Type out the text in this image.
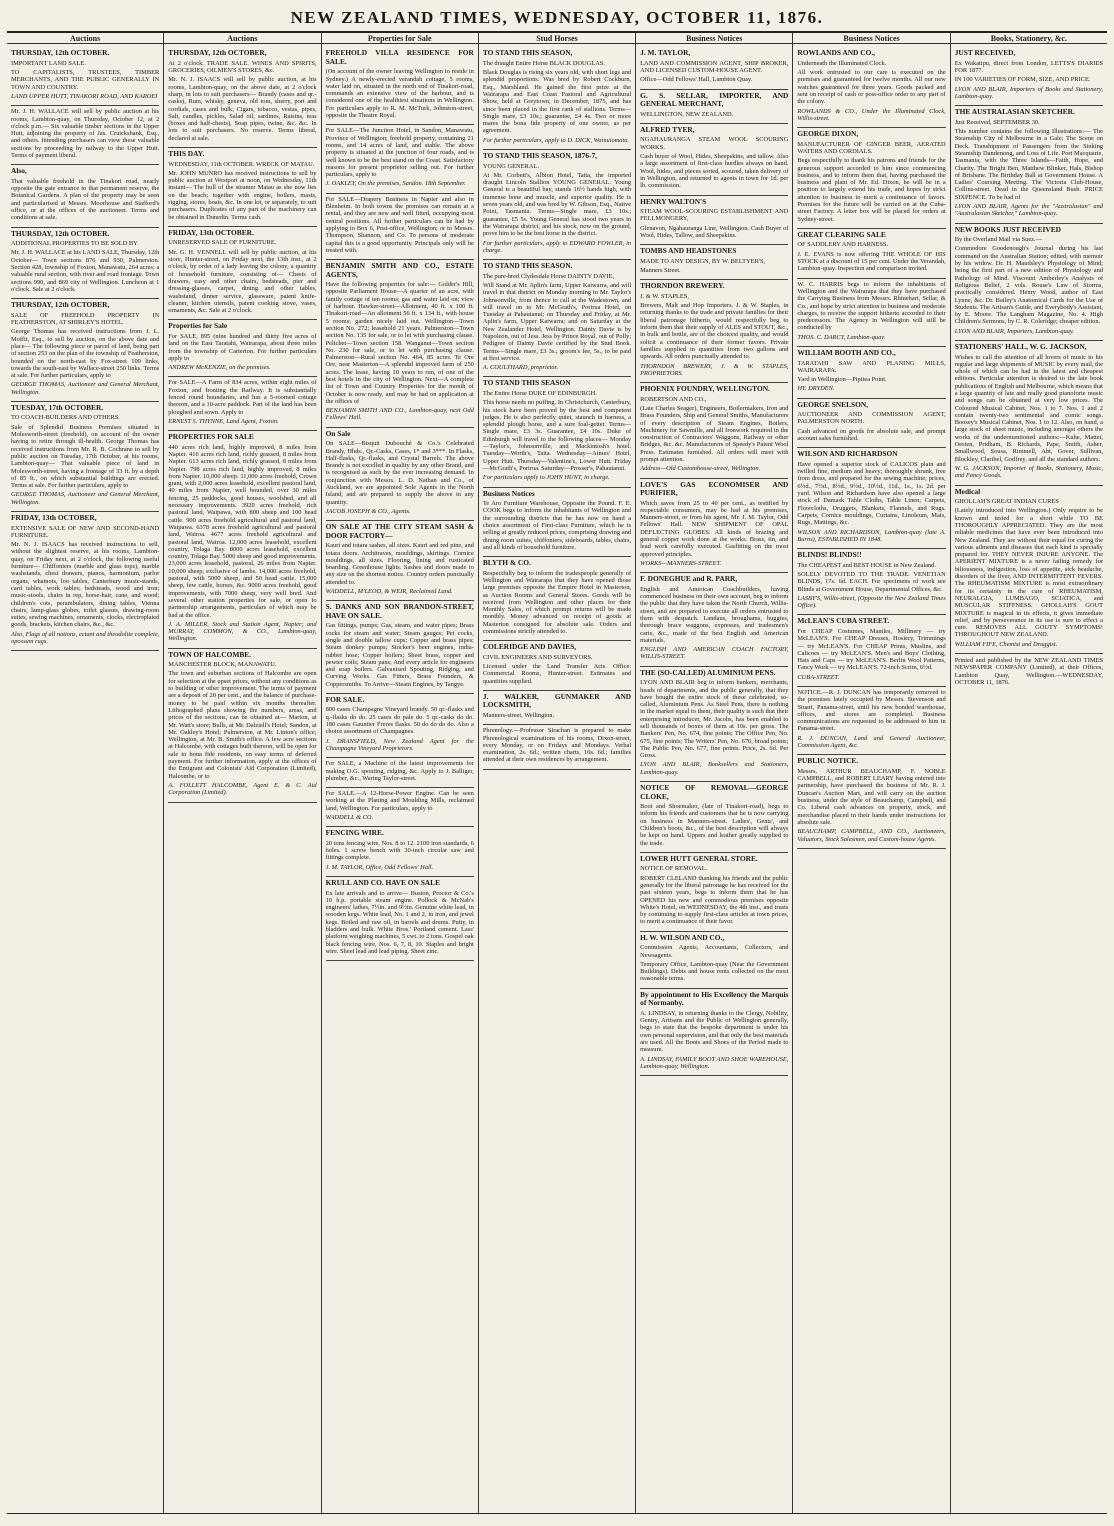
NEW ZEALAND TIMES, WEDNESDAY, OCTOBER 11, 1876.
Auctions

THURSDAY, 12th OCTOBER.

IMPORTANT LAND SALE.

TO CAPITALISTS, TRUSTEES, TIMBER MERCHANTS, AND THE PUBLIC GENERALLY IN TOWN AND COUNTRY.

LAND UPPER HUTT, TINAKORI ROAD, AND KAROEI

Mr. J. H. WALLACE will sell by public auction at his rooms, Lambton-quay, on Thursday, October 12, at 2 o'clock p.m.— Six valuable timber sections in the Upper Hutt, adjoining the property of Jas. Cruickshank, Esq., and others. Intending purchasers can view these valuable sections by proceeding by railway to the Upper Hutt. Terms of payment liberal.

Also,

That valuable freehold in the Tinakori road, nearly opposite the gate entrance to that permanent reserve, the Botanical Gardens. A plan of the property may be seen and particularised at Messrs. Moorhouse and Stafford's office, or at the offices of the auctioneer. Terms and conditions at sale.

THURSDAY, 12th OCTOBER.

ADDITIONAL PROPERTIES TO BE SOLD BY

Mr. J. H. WALLACE at his LAND SALE, Thursday, 12th October— Town sections 876 and 930, Palmerston. Section 428, township of Foxton, Manawatu, 264 acres; a valuable rural section, with river and road frontage. Town sections 990, and 869 city of Wellington. Luncheon at 1 o'clock. Sale at 2 o'clock.

THURSDAY, 12th OCTOBER,

SALE OF FREEHOLD PROPERTY IN FEATHERSTON, AT SHIRLEY'S HOTEL.

George Thomas has received instructions from J. L. Moffit, Esq., to sell by auction, on the above date and place— The following piece or parcel of land, being part of section 253 on the plan of the township of Featherston, bounded on the north-east by Fox-street 100 links, towards the south-east by Wallace-street 250 links. Terms at sale. For further particulars, apply to

GEORGE THOMAS, Auctioneer and General Merchant, Wellington.

TUESDAY, 17th OCTOBER.

TO COACH-BUILDERS AND OTHERS.

Sale of Splendid Business Premises situated in Molesworth-street (freehold), on account of the owner having to retire through ill-health. George Thomas has received instructions from Mr. R. B. Cochrane to sell by public auction on Tuesday, 17th October, at his rooms, Lambton-quay— That valuable piece of land in Molesworth-street, having a frontage of 33 ft. by a depth of 85 ft., on which substantial buildings are erected. Terms at sale. For further particulars, apply to

GEORGE THOMAS, Auctioneer and General Merchant, Wellington.

FRIDAY, 13th OCTOBER,

EXTENSIVE SALE OF NEW AND SECOND-HAND FURNITURE.

Mr. N. J. ISAACS has received instructions to sell, without the slightest reserve, at his rooms, Lambton-quay, on Friday next, at 2 o'clock, the following useful furniture— Chiffoniers (marble and glass tops), marble washstands, chest drawers, pianos, harmonium, parlor organs, whatnots, loo tables, Canterbury music-stands, card tables, work tables; bedsteads, wood and iron; music-stools, chairs in rep, horse-hair, cane, and wood; children's cots, perambulators, dining tables, Vienna chairs, lamp-glass globes, toilet glasses, drawing-room suites, sewing machines, ornaments, clocks, electroplated goods, brackets, kitchen chairs, &c., &c.

Also, Flags of all nations, ectant and theodolite complete, opossum rugs.

Auctions

THURSDAY, 12th OCTOBER,

At 2 o'clock. TRADE SALE. WINES AND SPIRITS, GROCERIES, OILMEN'S STORES, &c.

Mr. N. J. ISAACS will sell by public auction, at his rooms, Lambton-quay, on the above date, at 2 o'clock sharp, in lots to suit purchasers— Brandy (cases and qr.-casks), Rum, whisky, geneva, old tom, sherry, port and cordials, cases and bulk; Cigars, tobacco, vestas, pipes, Salt, candles, pickles, Salad oil, sardines, Raisins, teas (boxes and half-chests), Soap pipes, twine, &c. &c. In lots to suit purchasers. No reserve. Terms liberal, declared at sale.

THIS DAY.

WEDNESDAY, 11th OCTOBER. WRECK OF MATAU.

Mr. JOHN MUNRO has received instructions to sell by public auction at Westport at noon, on Wednesday, 11th instant— The hull of the steamer Matau as she now lies on the beach; together with engine, boilers, masts, rigging, stores, boats, &c. In one lot, or separately, to suit purchasers. Duplicates of any part of the machinery can be obtained in Dunedin. Terms cash.

FRIDAY, 13th OCTOBER.

UNRESERVED SALE OF FURNITURE.

Mr. G. H. VENNELL will sell by public auction, at his store, Hunter-street, on Friday next, the 13th inst., at 2 o'clock, by order of a lady leaving the colony, a quantity of household furniture, consisting of— Chests of drawers, easy and other chairs, bedsteads, pier and dressing-glasses, carpet, dining and other tables, washstand, dinner service, glassware, patent knife-cleaner, kitchen utensils, patent cooking stove, vases, ornaments, &c. Sale at 2 o'clock.

Properties for Sale

For SALE, 895 (nine hundred and thirty five acres of land on the East Taratahi, Wairarapa, about three miles from the township of Carterton. For further particulars apply to

ANDREW McKENZIE, on the premises.

For SALE—A Farm of 834 acres, within eight miles of Foxton, and fronting the Railway. It is substantially fenced round boundaries, and has a 5-roomed cottage thereon, and a 10-acre paddock. Part of the land has been ploughed and sown. Apply to

ERNEST S. THYNNE, Land Agent, Foxton.

PROPERTIES FOR SALE

440 acres rich land, highly improved, 8 miles from Napier. 416 acres rich land, richly grassed, 8 miles from Napier. 613 acres rich land, richly grassed, 8 miles from Napier. 798 acres rich land, highly improved, 8 miles from Napier. 10,000 sheep. 11,000 acres freehold, Crown grant, with 2,000 acres leasehold, excellent pastoral land, 40 miles from Napier, well bounded, over 30 miles fencing, 25 paddocks, good houses, woolshed, and all necessary improvements. 3920 acres freehold, rich pastoral land, Waipawa, with 800 sheep and 100 head cattle. 900 acres freehold agricultural and pastoral land, Waipawa. 6378 acres freehold agricultural and pastoral land, Wairoa. 4677 acres freehold agricultural and pastoral land, Wairoa. 12,000 acres leasehold, excellent country, Tolaga Bay. 8000 acres leasehold, excellent country, Tolaga Bay. 5000 sheep and good improvements. 23,000 acres leasehold, pastoral, 26 miles from Napier. 10,000 sheep, exclusive of lambs. 14,000 acres freehold, pastoral, with 5000 sheep, and 50 head cattle. 15,000 sheep, few cattle, horses, &c. 9000 acres freehold, good improvements, with 7000 sheep, very well bred. And several other station properties for sale, or open to partnership arrangements, particulars of which may be had at the office.

J. A. MILLER, Stock and Station Agent, Napier; and MURRAY, COMMON, & CO., Lambton-quay, Wellington.

TOWN OF HALCOMBE.

MANCHESTER BLOCK, MANAWATU.

The town and suburban sections of Halcombe are open for selection at the upset prices, without any conditions as to building or other improvement. The terms of payment are a deposit of 20 per cent., and the balance of purchase-money to be paid within six months thereafter. Lithographed plans showing the numbers, areas, and prices of the sections, can be obtained at— Marton, at Mr. Watt's store; Bulls, at Mr. Dalziell's Hotel; Sandon, at Mr. Oakley's Hotel; Palmerston, at Mr. Linton's office; Wellington, at Mr. B. Smith's office. A few acre sections at Halcombe, with cottages built thereon, will be open for sale to bona fide residents, on easy terms of deferred payment. For further information, apply at the offices of the Emigrant and Colonists' Aid Corporation (Limited), Halcombe, or to

A. FOLLETT HALCOMBE, Agent E. & C. Aid Corporation (Limited).

Properties for Sale

FREEHOLD VILLA RESIDENCE FOR SALE.

(On account of the owner leaving Wellington to reside in Sydney.) A newly-erected verandah cottage, 5 rooms, water laid on, situated in the north end of Tinakori-road, commands an extensive view of the harbour, and is considered one of the healthiest situations in Wellington. For particulars apply to R. M. McTurk, Johnston-street, opposite the Theatre Royal.

For SALE—The Junction Hotel, in Sandon, Manawatu, Province of Wellington; freehold property, containing 21 rooms, and 14 acres of land, and stable. The above property is situated at the junction of four roads, and is well known to be the best stand on the Coast. Satisfactory reasons for present proprietor selling out. For further particulars, apply to

J. OAKLEY, On the premises, Sandon. 18th September.

For SALE—Drapery Business in Napier and also in Blenheim. In both towns the premises can remain at a rental, and they are new and well fitted, occupying most central positions. All further particulars can be had by applying to Box 6, Post-office, Wellington; or to Messrs. Thompson, Shannon, and Co. To persons of moderate capital this is a good opportunity. Principals only will be treated with.

BENJAMIN SMITH AND CO., ESTATE AGENTS,

Have the following properties for sale:— Golder's Hill, opposite Parliament House—A quarter of an acre, with family cottage of ten rooms; gas and water laid on; view of harbour. Hawker-street—Allotment, 40 ft. x 100 ft. Tinakori-road—An allotment 56 ft. x 134 ft., with house 5 rooms; garden nicely laid out. Wellington—Town section No. 272; leasehold 21 years. Palmerston—Town section No. 135 for sale, or to let with purchasing clause. Pelichet—Town section 158. Wanganui—Town section No. 230 for sale, or to let with purchasing clause. Palmerston—Rural section No. 464, 85 acres. Te Ore Ore, near Masterton—A splendid improved farm of 250 acres. The lease, having 10 years to run, of one of the best hotels in the city of Wellington. Next—A complete list of Town and Country Properties for the month of October is now ready, and may be had on application at the offices of

BENJAMIN SMITH AND CO., Lambton-quay, next Odd Fellows' Hall.

On Sale

On SALE—Bisquit Dubouché & Co.'s Celebrated Brandy, Hhds., Qr.-Casks, Cases, 1* and 3***. In Flasks, Half-flasks, Qr.-flasks, and Crystal Barrels. The above Brandy is not excelled in quality by any other Brand, and is recognised as such by the ever increasing demand. In conjunction with Messrs. L. D. Nathan and Co., of Auckland, we are appointed Sole Agents in the North Island, and are prepared to supply the above in any quantity.

JACOB JOSEPH & CO., Agents.

ON SALE AT THE CITY STEAM SASH & DOOR FACTORY—

Kauri and totara sashes, all sizes. Kauri and red pine, and totara doors. Architraves, mouldings, skirtings. Cornice mouldings, all sizes. Flooring, lining and rusticated boarding. Greenhouse lights. Sashes and doors made to any size on the shortest notice. Country orders punctually attended to.

WADDELL, M'LEOD, & WEIR, Reclaimed Land.

S. DANKS AND SON BRANDON-STREET, HAVE ON SALE.

Gas fittings, pumps; Gas, steam, and water pipes; Brass cocks for steam and water; Steam gauges; Pet cocks, single and double tallow cups; Copper and brass pipes; Steam donkey pumps; Stocker's beer engines, india-rubber hose; Copper boilers; Sheet brass, copper and pewter coils; Steam pans; And every article for engineers and soap boilers. Galvanised Spouting, Ridging, and Curving Works. Gas Fitters, Brass Founders, & Coppersmiths. To Arrive—Steam Engines, by Tangye.

FOR SALE.

800 cases Champagne Vineyard brandy. 50 qr.-flasks and q.-flasks do do. 25 cases do pale do. 5 qr.-casks do do. 180 cases Gauntier Freres flasks. 50 do do do do. Also a choice assortment of Champagnes.

J. DRANSFIELD, New Zealand Agent for the Champagne Vineyard Proprietors.

For SALE, a Machine of the latest improvements for making O.G. spouting, ridging, &c. Apply to J. Balliger, plumber, &c., Waring Taylor-street.

For SALE.—A 12-Horse-Power Engine. Can be seen working at the Planing and Moulding Mills, reclaimed land, Wellington. For particulars, apply to

WADDELL & CO.

FENCING WIRE.

20 tons fencing wire, Nos. 8 to 12. 2100 iron standards, 6 holes. 1 screw bench with 30-inch circular saw and fittings complete.

J. M. TAYLOR, Office, Odd Fellows' Hall.

KRULL AND CO. HAVE ON SALE

Ex late arrivals and to arrive— Buston, Proctor & Co.'s 10 h.p. portable steam engine. Pollock & McNab's engineers' lathes, 7½in. and 9½in. Genuine white lead, in wooden kegs. White lead, No. 1 and 2, in iron, and jewel kegs. Boiled and raw oil, in barrels and drums. Putty, in bladders and bulk. White Bros.' Portland cement. Lass' platform weighing machines, 5 cwt. to 2 tons. Gospel oak black fencing wire, Nos. 6, 7, 8, 10. Staples and bright wire. Sheet lead and lead piping. Sheet zinc.

Stud Horses

TO STAND THIS SEASON,

The draught Entire Horse BLACK DOUGLAS.

Black Douglas is rising six years old, with short legs and splendid proportions. Was bred by Robert Cockburn, Esq., Marshland. He gained the first prize at the Wairarapa and East Coast Pastoral and Agricultural Show, held at Greytown, in December, 1875, and has since been placed in the first rank of stallions. Terms—Single mare, £3 10s.; guarantee, £4 4s. Two or more mares the bona fide property of one owner, as per agreement.

For further particulars, apply to D. DICK, Wainuiomata.

TO STAND THIS SEASON, 1876-7,

YOUNG GENERAL.

At Mr. Corbett's, Albion Hotel, Taita, the imported draught Lincoln Stallion YOUNG GENERAL. Young General is a beautiful bay, stands 16½ hands high, with immense bone and muscle, and superior quality. He is seven years old, and was bred by W. Gibson, Esq., Native Point, Tasmania. Terms—Single mare, £3 10s.; guarantee, £5 5s. Young General has stood two years in the Wairarapa district, and his stock, now on the ground, prove him to be the best horse in the district.

For further particulars, apply to EDWARD FOWLER, in charge.

TO STAND THIS SEASON.

The pure-bred Clydesdale Horse DAINTY DAVIE,

Will Stand at Mr. Aplin's farm, Upper Kaiwarra, and will travel in that district on Monday morning to Mr. Taylor's Johnsonville, from thence to call at the Wadestown, and will travel on to Mr. McGrath's, Porirua Hotel, on Tuesday at Pahautanui; on Thursday and Friday, at Mr. Aplin's farm, Upper Kaiwarra; and on Saturday at the New Zealander Hotel, Wellington. Dainty Davie is by Napoleon, out of Jess. Jess by Prince Royal, out of Polly; Pedigree of Dainty Davie certified by the Stud Book. Terms—Single mare, £3 3s.; groom's fee, 5s., to be paid at first service.

A. COULTHARD, proprietor.

TO STAND THIS SEASON

The Entire Horse DUKE OF EDINBURGH.

This horse needs no puffing. In Christchurch, Canterbury, his stock have been proved by the best and competent judges. He is also perfectly quiet, staunch in harness, a splendid plough horse, and a sure foal-getter. Terms—Single mare, £3 3s. Guarantee, £4 10s. Duke of Edinburgh will travel to the following places— Monday—Taylor's, Johnsonville, and Mackintosh's hotel. Tuesday—Worth's, Taita. Wednesday—Aimes' Hotel, Upper Hutt. Thursday—Valentine's, Lower Hutt. Friday—McGrath's, Porirua. Saturday—Prosser's, Pahautanui.

For particulars apply to JOHN HUNT, in charge.

Business Notices

Te Aro Furniture Warehouse, Opposite the Pound. F. E. COOK begs to inform the inhabitants of Wellington and the surrounding districts that he has now on hand a choice assortment of First-class Furniture, which he is selling at greatly reduced prices, comprising drawing and dining room suites, chiffoniers, sideboards, tables, chairs, and all kinds of household furniture.

BLYTH & CO.

Respectfully beg to inform the tradespeople generally of Wellington and Wairarapa that they have opened those large premises opposite the Empire Hotel in Masterton, as Auction Rooms and General Stores. Goods will be received from Wellington and other places for their Monthly Sales, of which prompt returns will be made monthly. Money advanced on receipt of goods at Masterton consigned for absolute sale. Orders and commissions strictly attended to.

COLERIDGE AND DAVIES,

CIVIL ENGINEERS AND SURVEYORS.

Licensed under the Land Transfer Acts. Office: Commercial Rooms, Hunter-street. Estimates and quantities supplied.

J. WALKER, GUNMAKER AND LOCKSMITH,

Manners-street, Wellington.

Phrenology.—Professor Strachan is prepared to make Phrenological examinations of his rooms, Dixon-street, every Monday, or on Fridays and Mondays. Verbal examination, 2s. 6d.; written charts, 10s. 6d.; families attended at their own residences by arrangement.

Business Notices

J. M. TAYLOR,

LAND AND COMMISSION AGENT, SHIP BROKER, AND LICENSED CUSTOM-HOUSE AGENT.

Office—Odd Fellows' Hall, Lambton Quay.

G. S. SELLAR, IMPORTER, AND GENERAL MERCHANT,

WELLINGTON, NEW ZEALAND.

ALFRED TYER,

NGAHAURANGA STEAM WOOL SCOURING WORKS.

Cash buyer of Wool, Hides, Sheepskins, and tallow. Also a large assortment of first-class hurdles always on hand. Wool, hides, and pieces sorted, scoured, taken delivery of in Wellington, and returned to agents in town for 1d. per lb. commission.

HENRY WALTON'S

STEAM WOOL-SCOURING ESTABLISHMENT AND FELLMONGERY,

Glenavon, Ngahauranga Line, Wellington. Cash Buyer of Wool, Hides, Tallow, and Sheepskins.

TOMBS AND HEADSTONES

MADE TO ANY DESIGN, BY W. BELTYER'S,

Manners Street.

THORNDON BREWERY.

J. & W. STAPLES,

Brewers, Malt and Hop Importers. J. & W. Staples, in returning thanks to the trade and private families for their liberal patronage hitherto, would respectfully beg to inform them that their supply of ALES and STOUT, &c., in bulk and bottle, are of the choicest quality, and would solicit a continuance of their former favors. Private families supplied in quantities from two gallons and upwards. All orders punctually attended to.

THORNDON BREWERY, J. & W. STAPLES, PROPRIETORS.

PHOENIX FOUNDRY, WELLINGTON.

ROBERTSON AND CO.,

(Late Charles Seager), Engineers, Boilermakers, Iron and Brass Founders, Ship and General Smiths, Manufacturers of every description of Steam Engines, Boilers, Machinery for Sawmills, and all Ironwork required in the construction of Contractors' Waggons, Railway or other Bridges, &c. &c. Manufacturers of Speedy's Patent Wool Press. Estimates furnished. All orders will meet with prompt attention.

Address—Old Customhouse-street, Wellington.

LOVE'S GAS ECONOMISER AND PURIFIER,

Which saves from 25 to 40 per cent., as testified by respectable consumers, may be had at his premises, Manners-street, or from his agent, Mr. J. M. Taylor, Odd Fellows' Hall. NEW SHIPMENT OF OPAL DEFLECTING GLOBES. All kinds of brazing and general copper work done at the works. Brass, tin, and lead work carefully executed. Gasfitting on the most approved principles.

WORKS—MANNERS-STREET.

F. DONEGHUE and R. PARR,

English and American Coachbuilders, having commenced business on their own account, beg to inform the public that they have taken the North Church, Willis-street, and are prepared to execute all orders entrusted to them with despatch. Landaus, broughams, buggies, thorough brace waggons, expresses, and tradesmen's carts, &c., made of the best English and American materials.

ENGLISH AND AMERICAN COACH FACTORY, WILLIS-STREET.

THE (SO-CALLED) ALUMINIUM PENS.

LYON AND BLAIR beg to inform bankers, merchants, heads of departments, and the public generally, that they have bought the entire stock of these celebrated, so-called, Aluminium Pens. As Steel Pens, there is nothing in the market equal to them, their quality is such that their enterprising introducer, Mr. Jacobs, has been enabled to sell thousands of boxes of them at 10s. per gross. The Bankers' Pen, No. 674, fine points; The Office Pen, No. 675, fine points; The Writers' Pen, No. 676, broad points; The Public Pen, No. 677, fine points. Price, 2s. 6d. Per Gross.

LYON AND BLAIR, Booksellers and Stationers, Lambton-quay.

NOTICE OF REMOVAL—GEORGE CLOKE,

Boot and Shoemaker, (late of Tinakori-road), begs to inform his friends and customers that he is now carrying on business in Manners-street. Ladies', Gents', and Children's boots, &c., of the best description will always be kept on hand. Uppers and leather greatly supplied to the trade.

LOWER HUTT GENERAL STORE.

NOTICE OF REMOVAL.

ROBERT CLELAND thanking his friends and the public generally for the liberal patronage he has received for the past sixteen years, begs to inform them that he has OPENED his new and commodious premises opposite White's Hotel, on WEDNESDAY, the 4th inst., and trusts by continuing to supply first-class articles at town prices, to merit a continuance of their favor.

H. W. WILSON AND CO.,

Commission Agents, Accountants, Collectors, and Newsagents.

Temporary Office, Lambton-quay (Near the Government Buildings). Debts and house rents collected on the most reasonable terms.

By appointment to His Excellency the Marquis of Normanby.

A. LINDSAY, in returning thanks to the Clergy, Nobility, Gentry, Artisans and the Public of Wellington generally, begs to state that the bespoke department is under his own personal supervision, and that only the best materials are used. All the Boots and Shoes of the Period made to measure.

A. LINDSAY, FAMILY BOOT AND SHOE WAREHOUSE, Lambton-quay, Wellington.

Business Notices

ROWLANDS AND CO.,

Underneath the Illuminated Clock.

All work entrusted to our care is executed on the premises and guaranteed for twelve months. All our new watches guaranteed for three years. Goods packed and sent on receipt of cash or post-office order to any part of the colony.

ROWLANDS & CO., Under the Illuminated Clock, Willis-street.

GEORGE DIXON,

MANUFACTURER OF GINGER BEER, AERATED WATERS AND CORDIALS.

Begs respectfully to thank his patrons and friends for the generous support accorded to him since commencing business, and to inform them that, having purchased the business and plant of Mr. Ed. Dixon, he will be in a position to largely extend his trade, and hopes by strict attention to business to merit a continuance of favors. Premises for the future will be carried on at the Cuba-street Factory. A letter box will be placed for orders at Sydney-street.

GREAT CLEARING SALE

OF SADDLERY AND HARNESS.

J. E. EVANS is now offering THE WHOLE OF HIS STOCK at a discount of 15 per cent. Under the Verandah, Lambton-quay. Inspection and comparison invited.

W. C. HARRIS begs to inform the inhabitants of Wellington and the Wairarapa that they have purchased the Carrying Business from Messrs. Rhinehart, Sellar, & Co., and hope by strict attention to business and moderate charges, to receive the support hitherto accorded to their predecessors. The Agency in Wellington will still be conducted by

THOS. C. DARCY, Lambton-quay.

WILLIAM BOOTH AND CO.,

TARATAHI SAW AND PLANING MILLS, WAIRARAPA.

Yard in Wellington—Pipitea Point.

HY. DRYDEN.

GEORGE SNELSON,

AUCTIONEER AND COMMISSION AGENT, PALMERSTON NORTH.

Cash advanced on goods for absolute sale, and prompt account sales furnished.

WILSON AND RICHARDSON

Have opened a superior stock of CALICOS plain and twilled fine, medium and heavy; thoroughly shrunk, free from dress, and prepared for the sewing machine; prices, 6½d., 7½d., 8½d., 9½d., 10½d., 11d., 1s., 1s. 2d. per yard. Wilson and Richardson have also opened a large stock of Damask Table Cloths, Table Linen; Carpets, Floorcloths, Druggets, Blankets, Flannels, and Rugs. Carpets, Cornice mouldings, Curtains, Linoleum, Mats, Rugs, Mattings, &c.

WILSON AND RICHARDSON, Lambton-quay (late A. Burns), ESTABLISHED IN 1848.

BLINDS! BLINDS!!

The CHEAPEST and BEST HOUSE in New Zealand.

SOLELY DEVOTED TO THE TRADE. VENETIAN BLINDS, 17s. 6d. EACH. For specimens of work see Blinds at Government House, Departmental Offices, &c.

LASBY'S, Willis-street, (Opposite the New Zealand Times Office).

McLEAN'S CUBA STREET.

For CHEAP Costumes, Mantles, Millinery — try McLEAN'S. For CHEAP Dresses, Hosiery, Trimmings — try McLEAN'S. For CHEAP Prints, Muslins, and Calicoes — try McLEAN'S. Men's and Boys' Clothing, Hats and Caps — try McLEAN'S. Berlin Wool Patterns, Fancy Work — try McLEAN'S. 72-inch Scrim, 6½d.

CUBA-STREET.

NOTICE.—R. J. DUNCAN has temporarily removed to the premises lately occupied by Messrs. Stevenson and Stuart, Panama-street, until his new bonded warehouse, offices, and stores are completed. Business communications are requested to be addressed to him in Panama-street.

R. J. DUNCAN, Land and General Auctioneer, Commission Agent, &c.

PUBLIC NOTICE.

Messrs. ARTHUR BEAUCHAMP, F. NOBLE CAMPBELL, and ROBERT LEARY having entered into partnership, have purchased the business of Mr. R. J. Duncan's Auction Mart, and will carry on the auction business, under the style of Beauchamp, Campbell, and Co. Liberal cash advances on property, stock, and merchandise placed in their hands under instructions for absolute sale.

BEAUCHAMP, CAMPBELL, AND CO., Auctioneers, Valuators, Stock Salesmen, and Custom-house Agents.

Books, Stationery, &c.

JUST RECEIVED,

Ex Wakatipu, direct from London, LETTS'S DIARIES FOR 1877.

IN 100 VARIETIES OF FORM, SIZE, AND PRICE.

LYON AND BLAIR, Importers of Books and Stationery, Lambton-quay.

THE AUSTRALASIAN SKETCHER.

Just Received, SEPTEMBER 30.

This number contains the following Illustrations:— The Steamship City of Melbourne in a Gale; The Scene on Deck. Transhipment of Passengers from the Sinking Steamship Dandenong, and Loss of Life. Port Macquarie, Tasmania, with the Three Islands—Faith, Hope, and Charity. The Bright Ben, Matthew Blinker, Hals, Bishop of Brisbane. The Birthday Ball at Government House. A Ladies' Coursing Meeting. The Victoria Club-House, Collins-street. Dead in the Queensland Bush. PRICE SIXPENCE. To be had of

LYON AND BLAIR, Agents for the "Australasian" and "Australasian Sketcher," Lambton-quay.

NEW BOOKS JUST RECEIVED

By the Overland Mail via Suez.—

Commodore Goodenough's Journal during his last command on the Australian Station; edited, with memoir by his widow. Dr. H. Maudsley's Physiology of Mind; being the first part of a new edition of Physiology and Pathology of Mind. Viscount Amberley's Analysis of Religious Belief, 2 vols. Rouse's Law of Storms, practically considered. Henry Wood, author of East Lynne, &c. Dr. Bailey's Anatomical Cards for the Use of Students. The Artisan's Guide, and Everybody's Assistant, by E. Moore. The Langham Magazine, No. 4. High Children's Sermons, by C. R. Coleridge; cheaper edition.

LYON AND BLAIR, Importers, Lambton-quay.

STATIONERS' HALL, W. G. JACKSON,

Wishes to call the attention of all lovers of music to his regular and large shipments of MUSIC by every mail, the whole of which can be had in the latest and cheapest editions. Particular attention is desired to the late book publications of English and Melbourne, which means that a large quantity of late and really good pianoforte music and songs can be obtained at very low prices. The Coloured Musical Cabinet, Nos. 1 to 7. Nos. 1 and 2 contain twenty-two sentimental and comic songs. Boosey's Musical Cabinet, Nos. 1 to 12. Also, on hand, a large stock of sheet music, including amongst others the works of the undermentioned authors:—Kuhe, Mattei, Oesten, Pridham, B. Richards, Pape, Smith, Asher, Smallwood, Sousa, Rimmell, Abt, Gover, Sullivan, Blockley, Claribel, Godfrey, and all the standard authors.

W. G. JACKSON, Importer of Books, Stationery, Music, and Fancy Goods.

Medical

GHOLLAH'S GREAT INDIAN CURES

(Lately introduced into Wellington.) Only require to be known and tested for a short while TO BE THOROUGHLY APPRECIATED. They are the most reliable medicines that have ever been introduced into New Zealand. They are without their equal for curing the various ailments and diseases that each kind is specially prepared for. THEY NEVER INJURE ANYONE. The APERIENT MIXTURE is a never failing remedy for biliousness, indigestion, loss of appetite, sick headache, disorders of the liver, AND INTERMITTENT FEVERS. The RHEUMATISM MIXTURE is most extraordinary for its certainty in the cure of RHEUMATISM, NEURALGIA, LUMBAGO, SCIATICA, and MUSCULAR STIFFNESS. GHOLLAH'S GOUT MIXTURE is magical in its effects, it gives immediate relief, and by perseverance in its use is sure to effect a cure. REMOVES ALL GOUTY SYMPTOMS! THROUGHOUT NEW ZEALAND.

WILLIAM FIFE, Chemist and Druggist.

Printed and published by the NEW ZEALAND TIMES NEWSPAPER COMPANY (Limited), at their Offices, Lambton Quay, Wellington.—WEDNESDAY, OCTOBER 11, 1876.
